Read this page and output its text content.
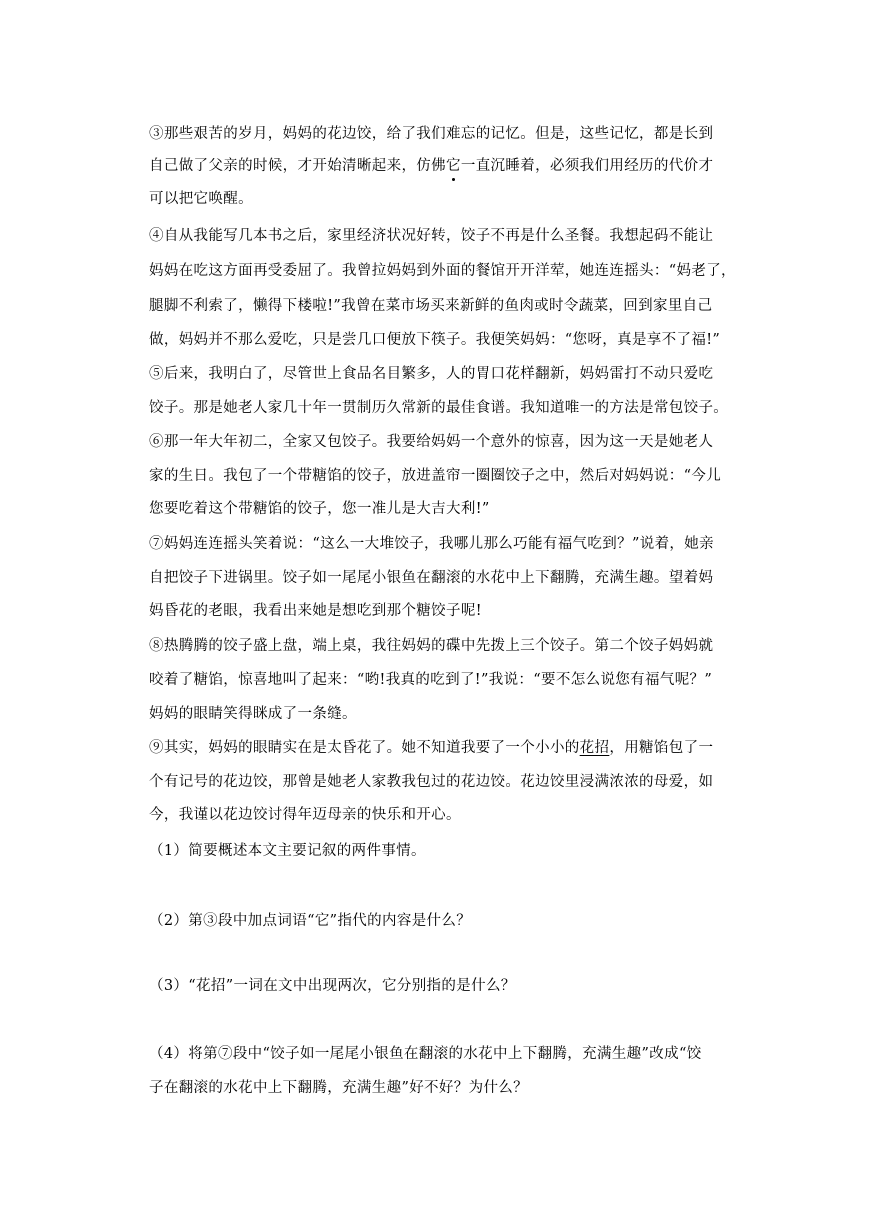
③那些艰苦的岁月，妈妈的花边饺，给了我们难忘的记忆。但是，这些记忆，都是长到
自己做了父亲的时候，才开始清晰起来，仿佛它一直沉睡着，必须我们用经历的代价才
可以把它唤醒。
④自从我能写几本书之后，家里经济状况好转，饺子不再是什么圣餐。我想起码不能让
妈妈在吃这方面再受委屈了。我曾拉妈妈到外面的餐馆开开洋荤，她连连摇头：“妈老了，
腿脚不利索了，懒得下楼啦!”我曾在菜市场买来新鲜的鱼肉或时令蔬菜，回到家里自己
做，妈妈并不那么爱吃，只是尝几口便放下筷子。我便笑妈妈：“您呀，真是享不了福!”
⑤后来，我明白了，尽管世上食品名目繁多，人的胃口花样翻新，妈妈雷打不动只爱吃
饺子。那是她老人家几十年一贯制历久常新的最佳食谱。我知道唯一的方法是常包饺子。
⑥那一年大年初二，全家又包饺子。我要给妈妈一个意外的惊喜，因为这一天是她老人
家的生日。我包了一个带糖馅的饺子，放进盖帘一圈圈饺子之中，然后对妈妈说：“今儿
您要吃着这个带糖馅的饺子，您一准儿是大吉大利!”
⑦妈妈连连摇头笑着说：“这么一大堆饺子，我哪儿那么巧能有福气吃到？”说着，她亲
自把饺子下进锅里。饺子如一尾尾小银鱼在翻滚的水花中上下翻腾，充满生趣。望着妈
妈昏花的老眼，我看出来她是想吃到那个糖饺子呢!
⑧热腾腾的饺子盛上盘，端上桌，我往妈妈的碟中先拨上三个饺子。第二个饺子妈妈就
咬着了糖馅，惊喜地叫了起来：“哟!我真的吃到了!”我说：“要不怎么说您有福气呢？”
妈妈的眼睛笑得眯成了一条缝。
⑨其实，妈妈的眼睛实在是太昏花了。她不知道我要了一个小小的花招，用糖馅包了一
个有记号的花边饺，那曾是她老人家教我包过的花边饺。花边饺里浸满浓浓的母爱，如
今，我谨以花边饺讨得年迈母亲的快乐和开心。
（1）简要概述本文主要记叙的两件事情。
（2）第③段中加点词语“它”指代的内容是什么？
（3）“花招”一词在文中出现两次，它分别指的是什么？
（4）将第⑦段中“饺子如一尾尾小银鱼在翻滚的水花中上下翻腾，充满生趣”改成“饺
子在翻滚的水花中上下翻腾，充满生趣”好不好？为什么？
